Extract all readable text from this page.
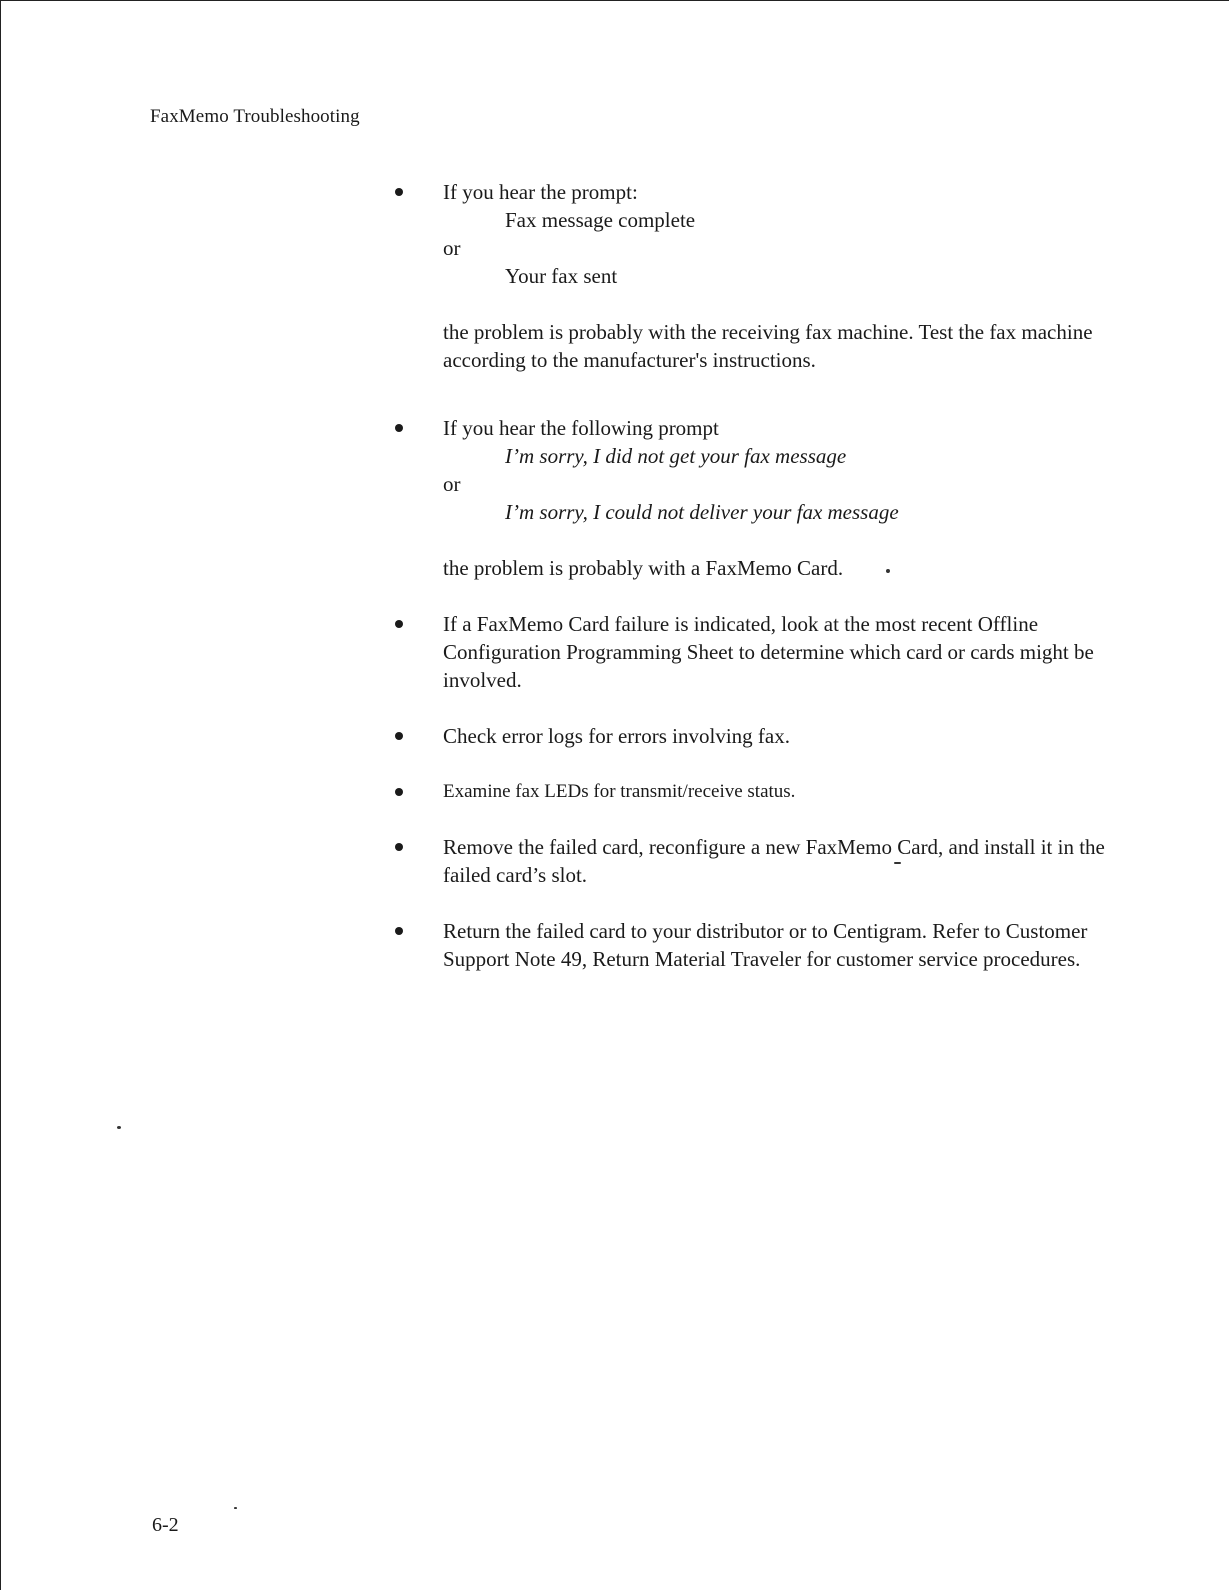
FaxMemo Troubleshooting
If you hear the prompt:
Fax message complete
or
Your fax sent
the problem is probably with the receiving fax machine. Test the fax machine according to the manufacturer's instructions.
If you hear the following prompt
I’m sorry, I did not get your fax message
or
I’m sorry, I could not deliver your fax message
the problem is probably with a FaxMemo Card.
If a FaxMemo Card failure is indicated, look at the most recent Offline Configuration Programming Sheet to determine which card or cards might be involved.
Check error logs for errors involving fax.
Examine fax LEDs for transmit/receive status.
Remove the failed card, reconfigure a new FaxMemo Card, and install it in the failed card’s slot.
Return the failed card to your distributor or to Centigram. Refer to Customer Support Note 49, Return Material Traveler for customer service procedures.
6-2
